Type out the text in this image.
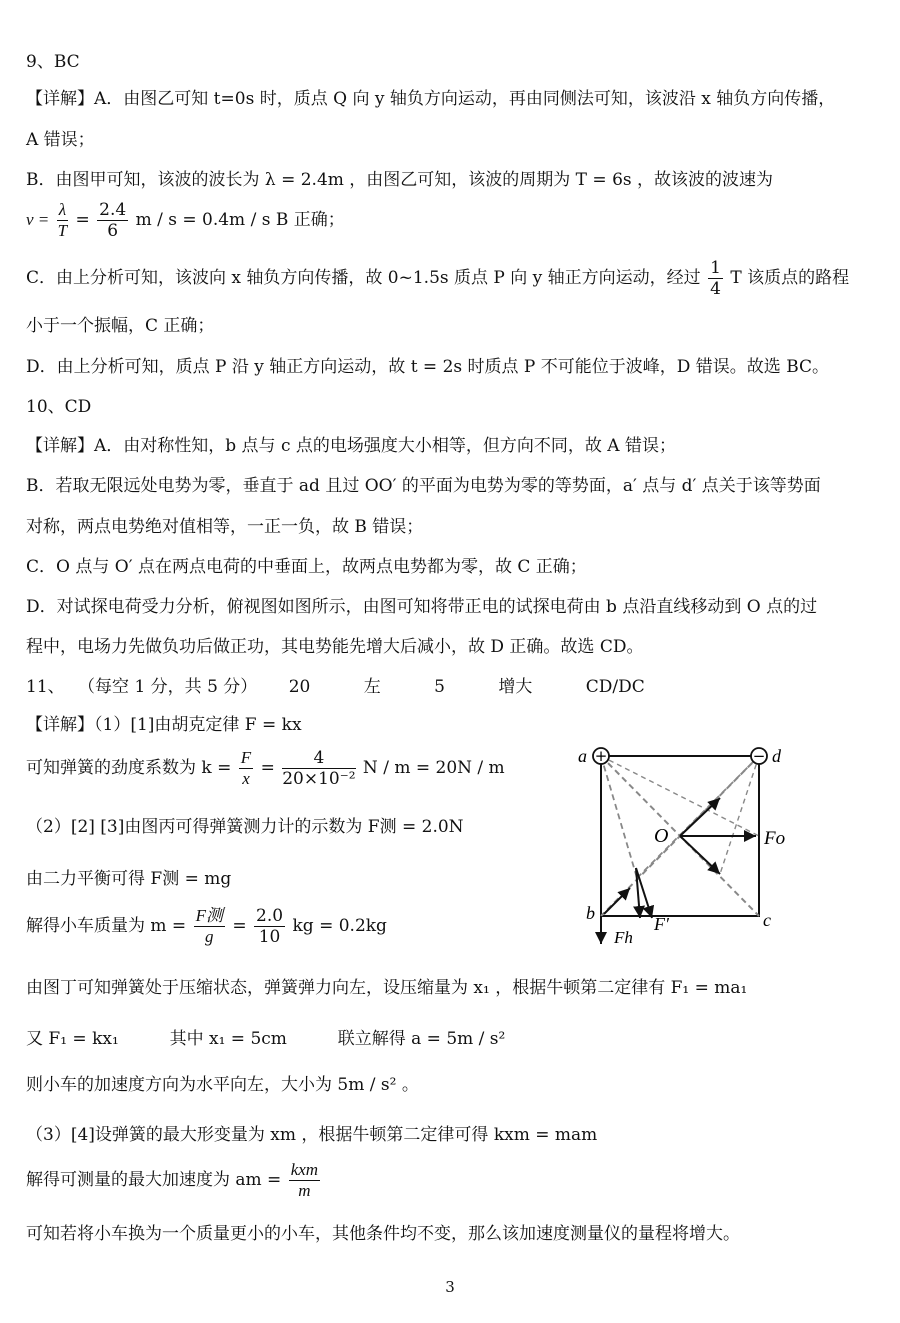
9、BC
【详解】A．由图乙可知 t=0s 时，质点 Q 向 y 轴负方向运动，再由同侧法可知，该波沿 x 轴负方向传播，
A 错误；
B．由图甲可知，该波的波长为 λ = 2.4m ，由图乙可知，该波的周期为 T = 6s ，故该波的波速为
$v = \frac{\lambda}{T} = \frac{2.4}{6}$ m / s = 0.4m / s B 正确；
C．由上分析可知，该波向 x 轴负方向传播，故 0~1.5s 质点 P 向 y 轴正方向运动，经过 $\frac{1}{4}$ T 该质点的路程
小于一个振幅，C 正确；
D．由上分析可知，质点 P 沿 y 轴正方向运动，故 t = 2s 时质点 P 不可能位于波峰，D 错误。故选 BC。
10、CD
【详解】A．由对称性知，b 点与 c 点的电场强度大小相等，但方向不同，故 A 错误；
B．若取无限远处电势为零，垂直于 ad 且过 OO′ 的平面为电势为零的等势面，a′ 点与 d′ 点关于该等势面
对称，两点电势绝对值相等，一正一负，故 B 错误；
C．O 点与 O′ 点在两点电荷的中垂面上，故两点电势都为零，故 C 正确；
D．对试探电荷受力分析，俯视图如图所示，由图可知将带正电的试探电荷由 b 点沿直线移动到 O 点的过
程中，电场力先做负功后做正功，其电势能先增大后减小，故 D 正确。故选 CD。
11、 （每空 1 分，共 5 分） 20	左	5	增大	CD/DC
【详解】（1）[1]由胡克定律 F = kx
可知弹簧的劲度系数为 $k = \frac{F}{x} = \frac{4}{\text{20×10⁻²}}$ N / m = 20N / m
（2）[2] [3]由图丙可得弹簧测力计的示数为 F测 = 2.0N
由二力平衡可得 F测 = mg
解得小车质量为 $m = \frac{\text{F测}}{g} = \frac{2.0}{10}$ kg = 0.2kg
由图丁可知弹簧处于压缩状态，弹簧弹力向左，设压缩量为 x₁ ，根据牛顿第二定律有 F₁ = ma₁
又 F₁ = kx₁	其中 x₁ = 5cm	联立解得 a = 5m / s²
则小车的加速度方向为水平向左，大小为 5m / s² 。
（3）[4]设弹簧的最大形变量为 xm ，根据牛顿第二定律可得 kxm = mam
解得可测量的最大加速度为 am = $\frac{\text{kxm}}{m}$
可知若将小车换为一个质量更小的小车，其他条件均不变，那么该加速度测量仪的量程将增大。
+	−
a	d
b	c
O	Fo
F′
Fh
3
